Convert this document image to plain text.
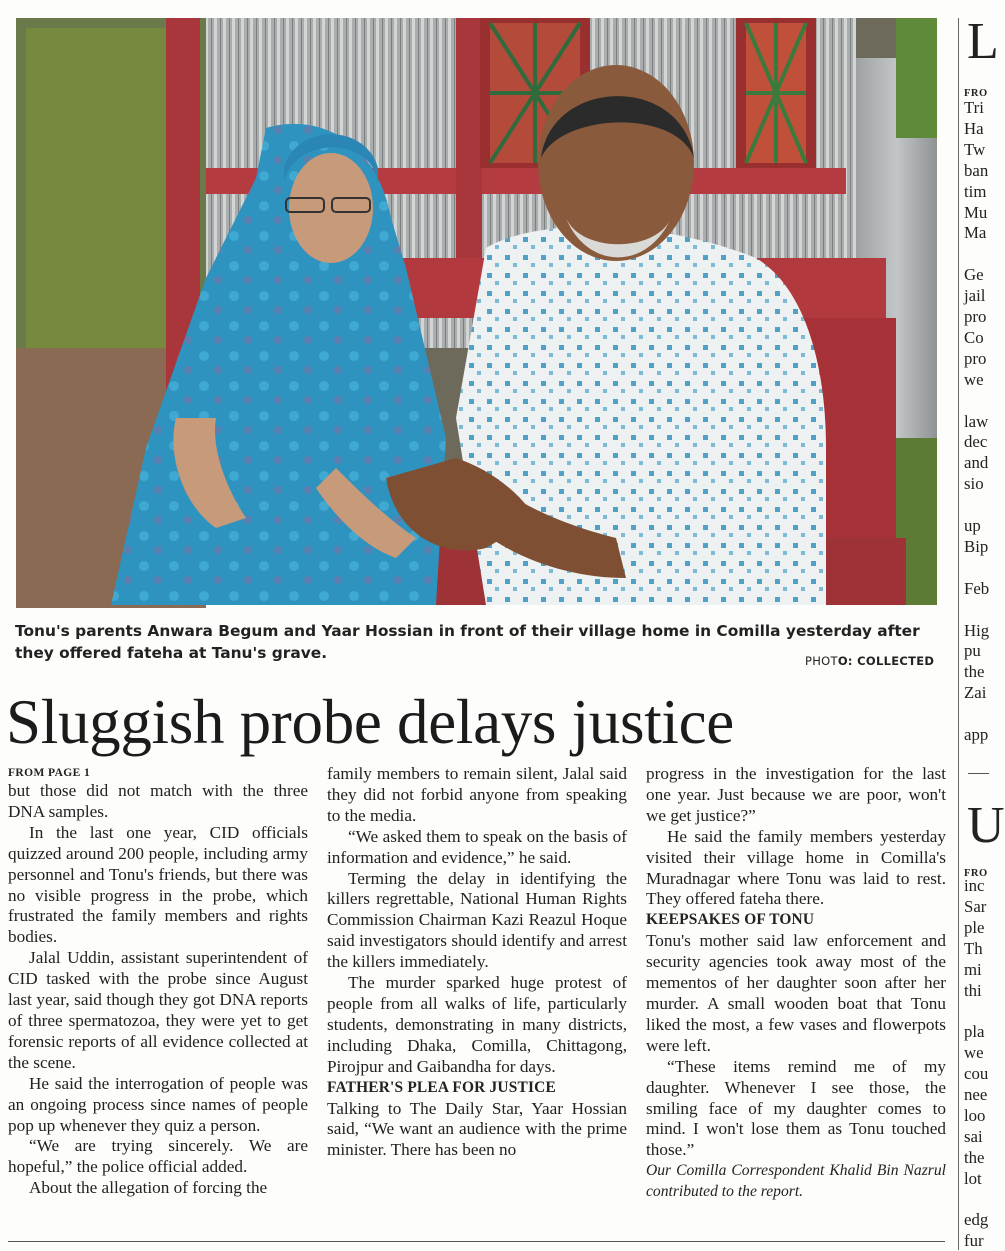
Tonu's parents Anwara Begum and Yaar Hossian in front of their village home in Comilla yesterday after they offered fateha at Tanu's grave.	PHOTO: COLLECTED
Sluggish probe delays justice
FROM PAGE 1

but those did not match with the three DNA samples.

In the last one year, CID officials quizzed around 200 people, including army personnel and Tonu's friends, but there was no visible progress in the probe, which frustrated the family members and rights bodies.

Jalal Uddin, assistant superintendent of CID tasked with the probe since August last year, said though they got DNA reports of three spermatozoa, they were yet to get forensic reports of all evidence collected at the scene.

He said the interrogation of people was an ongoing process since names of people pop up whenever they quiz a person.

“We are trying sincerely. We are hopeful,” the police official added.

About the allegation of forcing the

family members to remain silent, Jalal said they did not forbid anyone from speaking to the media.

“We asked them to speak on the basis of information and evidence,” he said.

Terming the delay in identifying the killers regrettable, National Human Rights Commission Chairman Kazi Reazul Hoque said investigators should identify and arrest the killers immediately.

The murder sparked huge protest of people from all walks of life, particularly students, demonstrating in many districts, including Dhaka, Comilla, Chittagong, Pirojpur and Gaibandha for days.

FATHER'S PLEA FOR JUSTICE

Talking to The Daily Star, Yaar Hossian said, “We want an audience with the prime minister. There has been no

progress in the investigation for the last one year. Just because we are poor, won't we get justice?”

He said the family members yesterday visited their village home in Comilla's Muradnagar where Tonu was laid to rest. They offered fateha there.

KEEPSAKES OF TONU

Tonu's mother said law enforcement and security agencies took away most of the mementos of her daughter soon after her murder. A small wooden boat that Tonu liked the most, a few vases and flowerpots were left.

“These items remind me of my daughter. Whenever I see those, the smiling face of my daughter comes to mind. I won't lose them as Tonu touched those.”

Our Comilla Correspondent Khalid Bin Nazrul contributed to the report.

L
FRO
Tri
Ha
Tw
ban
tim
Mu
Ma
Ge
jail
pro
Co
pro
we
law
dec
and
sio
up
Bip
Feb
Hig
pu
the
Zai
app
U
FRO
inc
Sar
ple
Th
mi
thi
pla
we
cou
nee
loo
sai
the
lot
edg
fur
